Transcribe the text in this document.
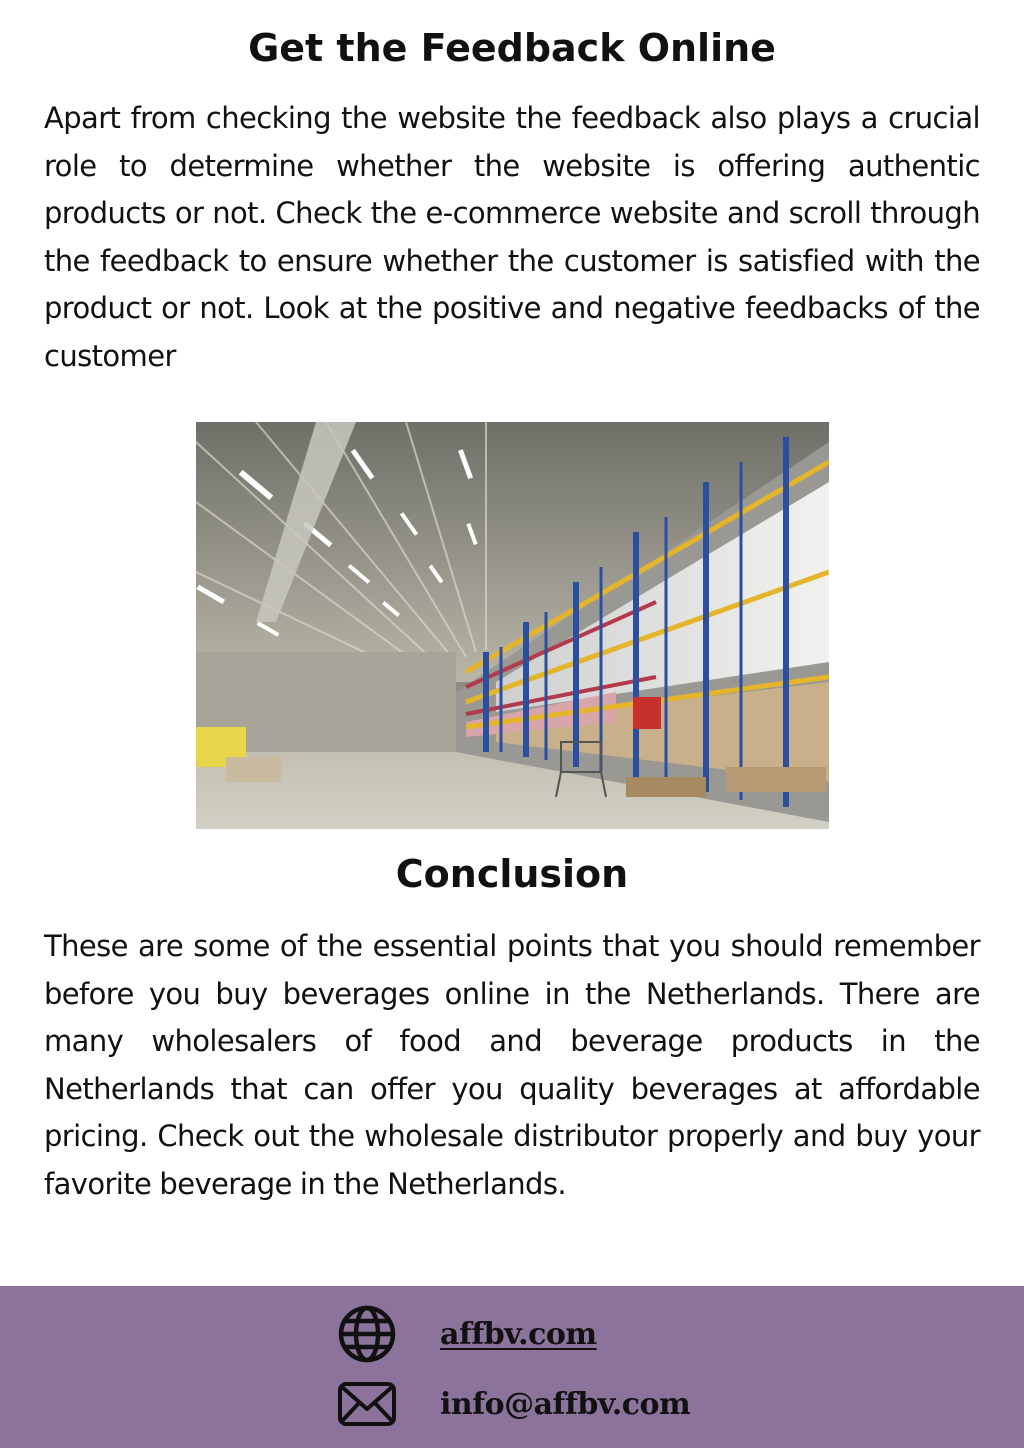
Get the Feedback Online

Apart from checking the website the feedback also plays a crucial role to determine whether the website is offering authentic products or not. Check the e-commerce website and scroll through the feedback to ensure whether the customer is satisfied with the product or not. Look at the positive and negative feedbacks of the customer

Conclusion

These are some of the essential points that you should remember before you buy beverages online in the Netherlands. There are many wholesalers of food and beverage products in the Netherlands that can offer you quality beverages at affordable pricing. Check out the wholesale distributor properly and buy your favorite beverage in the Netherlands.

affbv.com
info@affbv.com
